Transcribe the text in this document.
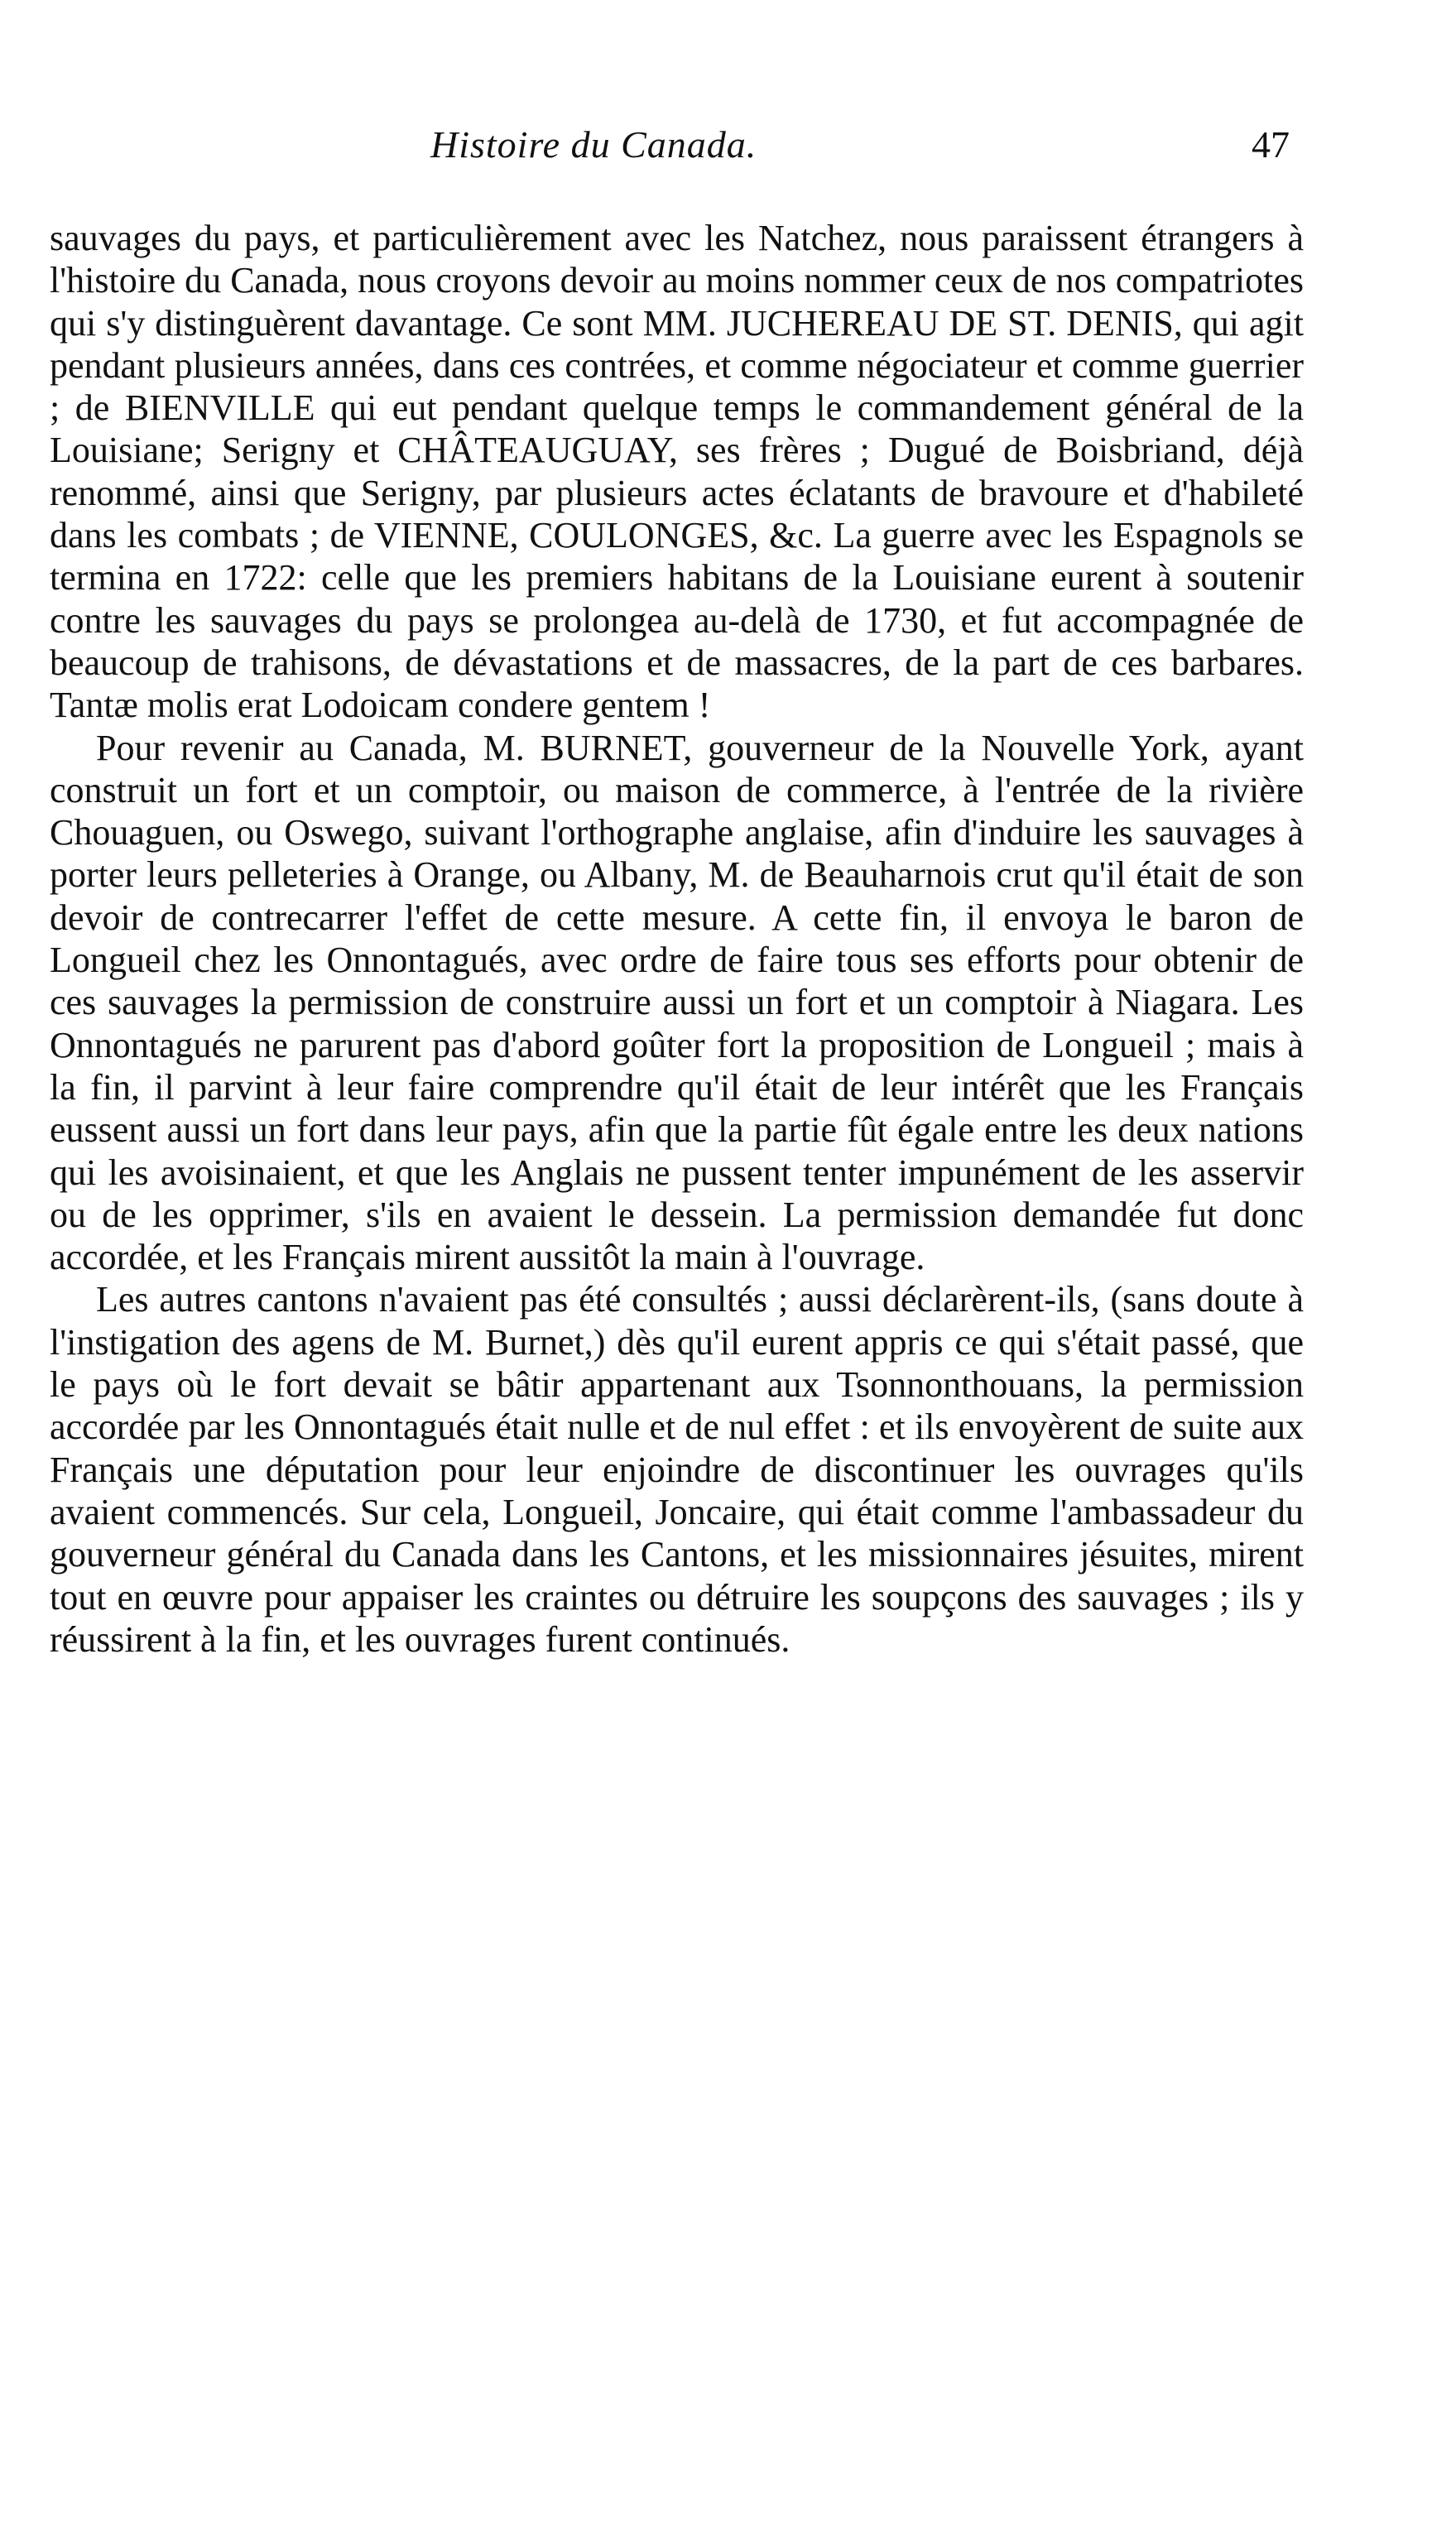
Histoire du Canada.	47

sauvages du pays, et particulièrement avec les Natchez, nous paraissent étrangers à l'histoire du Canada, nous croyons devoir au moins nommer ceux de nos compatriotes qui s'y distinguèrent davantage. Ce sont MM. JUCHEREAU DE ST. DENIS, qui agit pendant plusieurs années, dans ces contrées, et comme négociateur et comme guerrier ; de BIENVILLE qui eut pendant quelque temps le commandement général de la Louisiane; Serigny et CHÂTEAUGUAY, ses frères ; Dugué de Boisbriand, déjà renommé, ainsi que Serigny, par plusieurs actes éclatants de bravoure et d'habileté dans les combats ; de VIENNE, COULONGES, &c. La guerre avec les Espagnols se termina en 1722: celle que les premiers habitans de la Louisiane eurent à soutenir contre les sauvages du pays se prolongea au-delà de 1730, et fut accompagnée de beaucoup de trahisons, de dévastations et de massacres, de la part de ces barbares. Tantæ molis erat Lodoicam condere gentem !

Pour revenir au Canada, M. BURNET, gouverneur de la Nouvelle York, ayant construit un fort et un comptoir, ou maison de commerce, à l'entrée de la rivière Chouaguen, ou Oswego, suivant l'orthographe anglaise, afin d'induire les sauvages à porter leurs pelleteries à Orange, ou Albany, M. de Beauharnois crut qu'il était de son devoir de contrecarrer l'effet de cette mesure. A cette fin, il envoya le baron de Longueil chez les Onnontagués, avec ordre de faire tous ses efforts pour obtenir de ces sauvages la permission de construire aussi un fort et un comptoir à Niagara. Les Onnontagués ne parurent pas d'abord goûter fort la proposition de Longueil ; mais à la fin, il parvint à leur faire comprendre qu'il était de leur intérêt que les Français eussent aussi un fort dans leur pays, afin que la partie fût égale entre les deux nations qui les avoisinaient, et que les Anglais ne pussent tenter impunément de les asservir ou de les opprimer, s'ils en avaient le dessein. La permission demandée fut donc accordée, et les Français mirent aussitôt la main à l'ouvrage.

Les autres cantons n'avaient pas été consultés ; aussi déclarèrent-ils, (sans doute à l'instigation des agens de M. Burnet,) dès qu'il eurent appris ce qui s'était passé, que le pays où le fort devait se bâtir appartenant aux Tsonnonthouans, la permission accordée par les Onnontagués était nulle et de nul effet : et ils envoyèrent de suite aux Français une députation pour leur enjoindre de discontinuer les ouvrages qu'ils avaient commencés. Sur cela, Longueil, Joncaire, qui était comme l'ambassadeur du gouverneur général du Canada dans les Cantons, et les missionnaires jésuites, mirent tout en œuvre pour appaiser les craintes ou détruire les soupçons des sauvages ; ils y réussirent à la fin, et les ouvrages furent continués.
